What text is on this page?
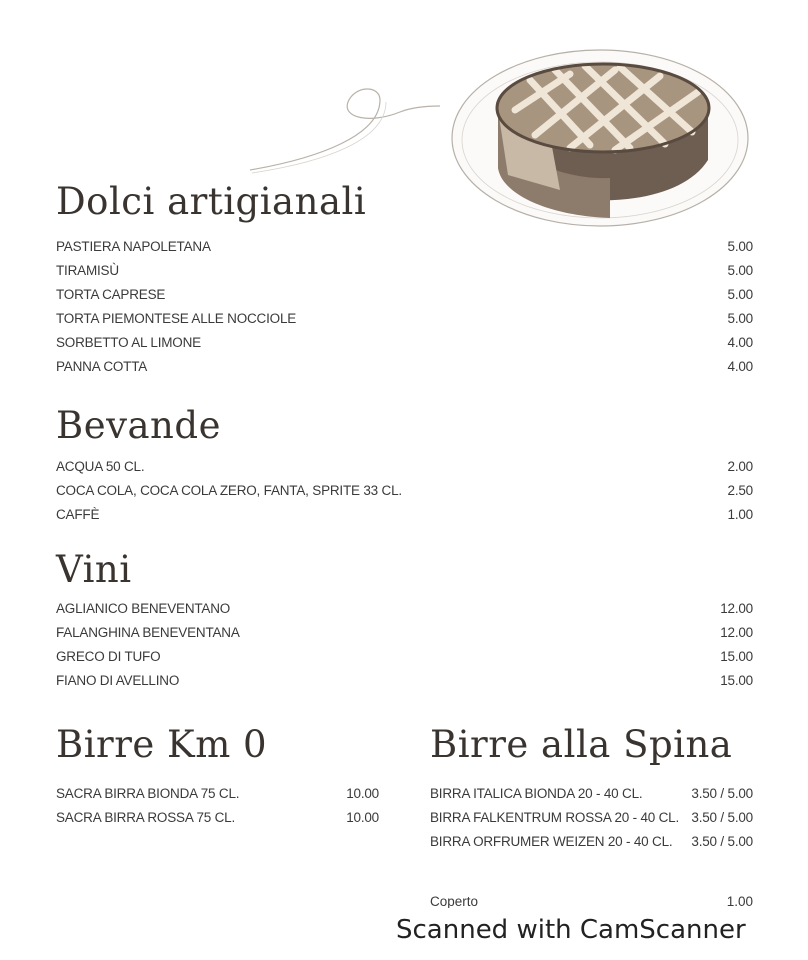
Dolci artigianali
PASTIERA NAPOLETANA	5.00
TIRAMISÙ	5.00
TORTA CAPRESE	5.00
TORTA PIEMONTESE ALLE NOCCIOLE	5.00
SORBETTO AL LIMONE	4.00
PANNA COTTA	4.00
Bevande
ACQUA 50 CL.	2.00
COCA COLA, COCA COLA ZERO, FANTA, SPRITE 33 CL.	2.50
CAFFÈ	1.00
Vini
AGLIANICO BENEVENTANO	12.00
FALANGHINA BENEVENTANA	12.00
GRECO DI TUFO	15.00
FIANO DI AVELLINO	15.00
Birre Km 0
SACRA BIRRA BIONDA 75 CL.	10.00
SACRA BIRRA ROSSA 75 CL.	10.00
Birre alla Spina
BIRRA ITALICA BIONDA 20 - 40 CL.	3.50 / 5.00
BIRRA FALKENTRUM ROSSA 20 - 40 CL. 3.50 / 5.00
BIRRA ORFRUMER WEIZEN 20 - 40 CL. 3.50 / 5.00
Coperto	1.00
Scanned with CamScanner
